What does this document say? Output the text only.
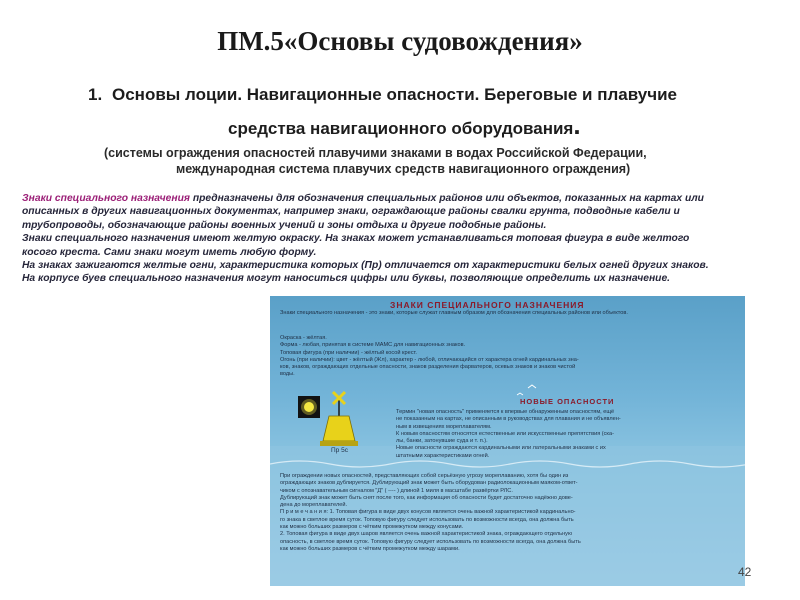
ПМ.5«Основы судовождения»
1. Основы лоции. Навигационные опасности. Береговые и плавучие
средства навигационного оборудования.
(системы ограждения опасностей плавучими знаками в водах Российской Федерации,
международная система плавучих средств навигационного ограждения)

Знаки специального назначения предназначены для обозначения специальных районов или объектов, показанных на картах или

описанных в других навигационных документах, например знаки, ограждающие районы свалки грунта, подводные кабели и

трубопроводы, обозначающие районы военных учений и зоны отдыха и другие подобные районы.

Знаки специального назначения имеют желтую окраску. На знаках может устанавливаться топовая фигура в виде желтого

косого креста. Сами знаки могут иметь любую форму.

На знаках зажигаются желтые огни, характеристика которых (Пр) отличается от характеристики белых огней других знаков.

На корпусе буев специального назначения могут наноситься цифры или буквы, позволяющие определить их назначение.

ЗНАКИ СПЕЦИАЛЬНОГО НАЗНАЧЕНИЯ
Знаки специального назначения - это знаки, которые служат главным образом для обозначения специальных районов или объектов.

Окраска - жёлтая.

Форма - любая, принятая в системе МАМС для навигационных знаков.

Топовая фигура (при наличии) - жёлтый косой крест.

Огонь (при наличии): цвет - жёлтый (Жл), характер - любой, отличающийся от характера огней кардинальных зна-

ков, знаков, ограждающих отдельные опасности, знаков разделения фарватеров, осевых знаков и знаков чистой

воды.

НОВЫЕ ОПАСНОСТИ

Термин "новая опасность" применяется к впервые обнаруженным опасностям, ещё

не показанным на картах, не описанным в руководствах для плавания и не объявлен-

ным в извещениях мореплавателям.

К новым опасностям относятся естественные или искусственные препятствия (ска-

лы, банки, затонувшие суда и т. п.).

Новые опасности ограждаются кардинальными или латеральными знаками с их

штатными характеристиками огней.

Пр 5с

При ограждении новых опасностей, представляющих собой серьёзную угрозу мореплаванию, хотя бы один из

ограждающих знаков дублируется. Дублирующий знак может быть оборудован радиолокационным маяком-ответ-

чиком с опознавательным сигналом "Д" ( ---- ) длиной 1 миля в масштабе развёртки РЛС.

Дублирующий знак может быть снят после того, как информация об опасности будет достаточно надёжно дове-

дена до мореплавателей.

П р и м е ч а н и я: 1. Топовая фигура в виде двух конусов является очень важной характеристикой кардинально-

го знака в светлое время суток. Топовую фигуру следует использовать по возможности всегда, она должна быть

как можно больших размеров с чётким промежутком между конусами.

2. Топовая фигура в виде двух шаров является очень важной характеристикой знака, ограждающего отдельную

опасность, в светлое время суток. Топовую фигуру следует использовать по возможности всегда, она должна быть

как можно больших размеров с чётким промежутком между шарами.

42
